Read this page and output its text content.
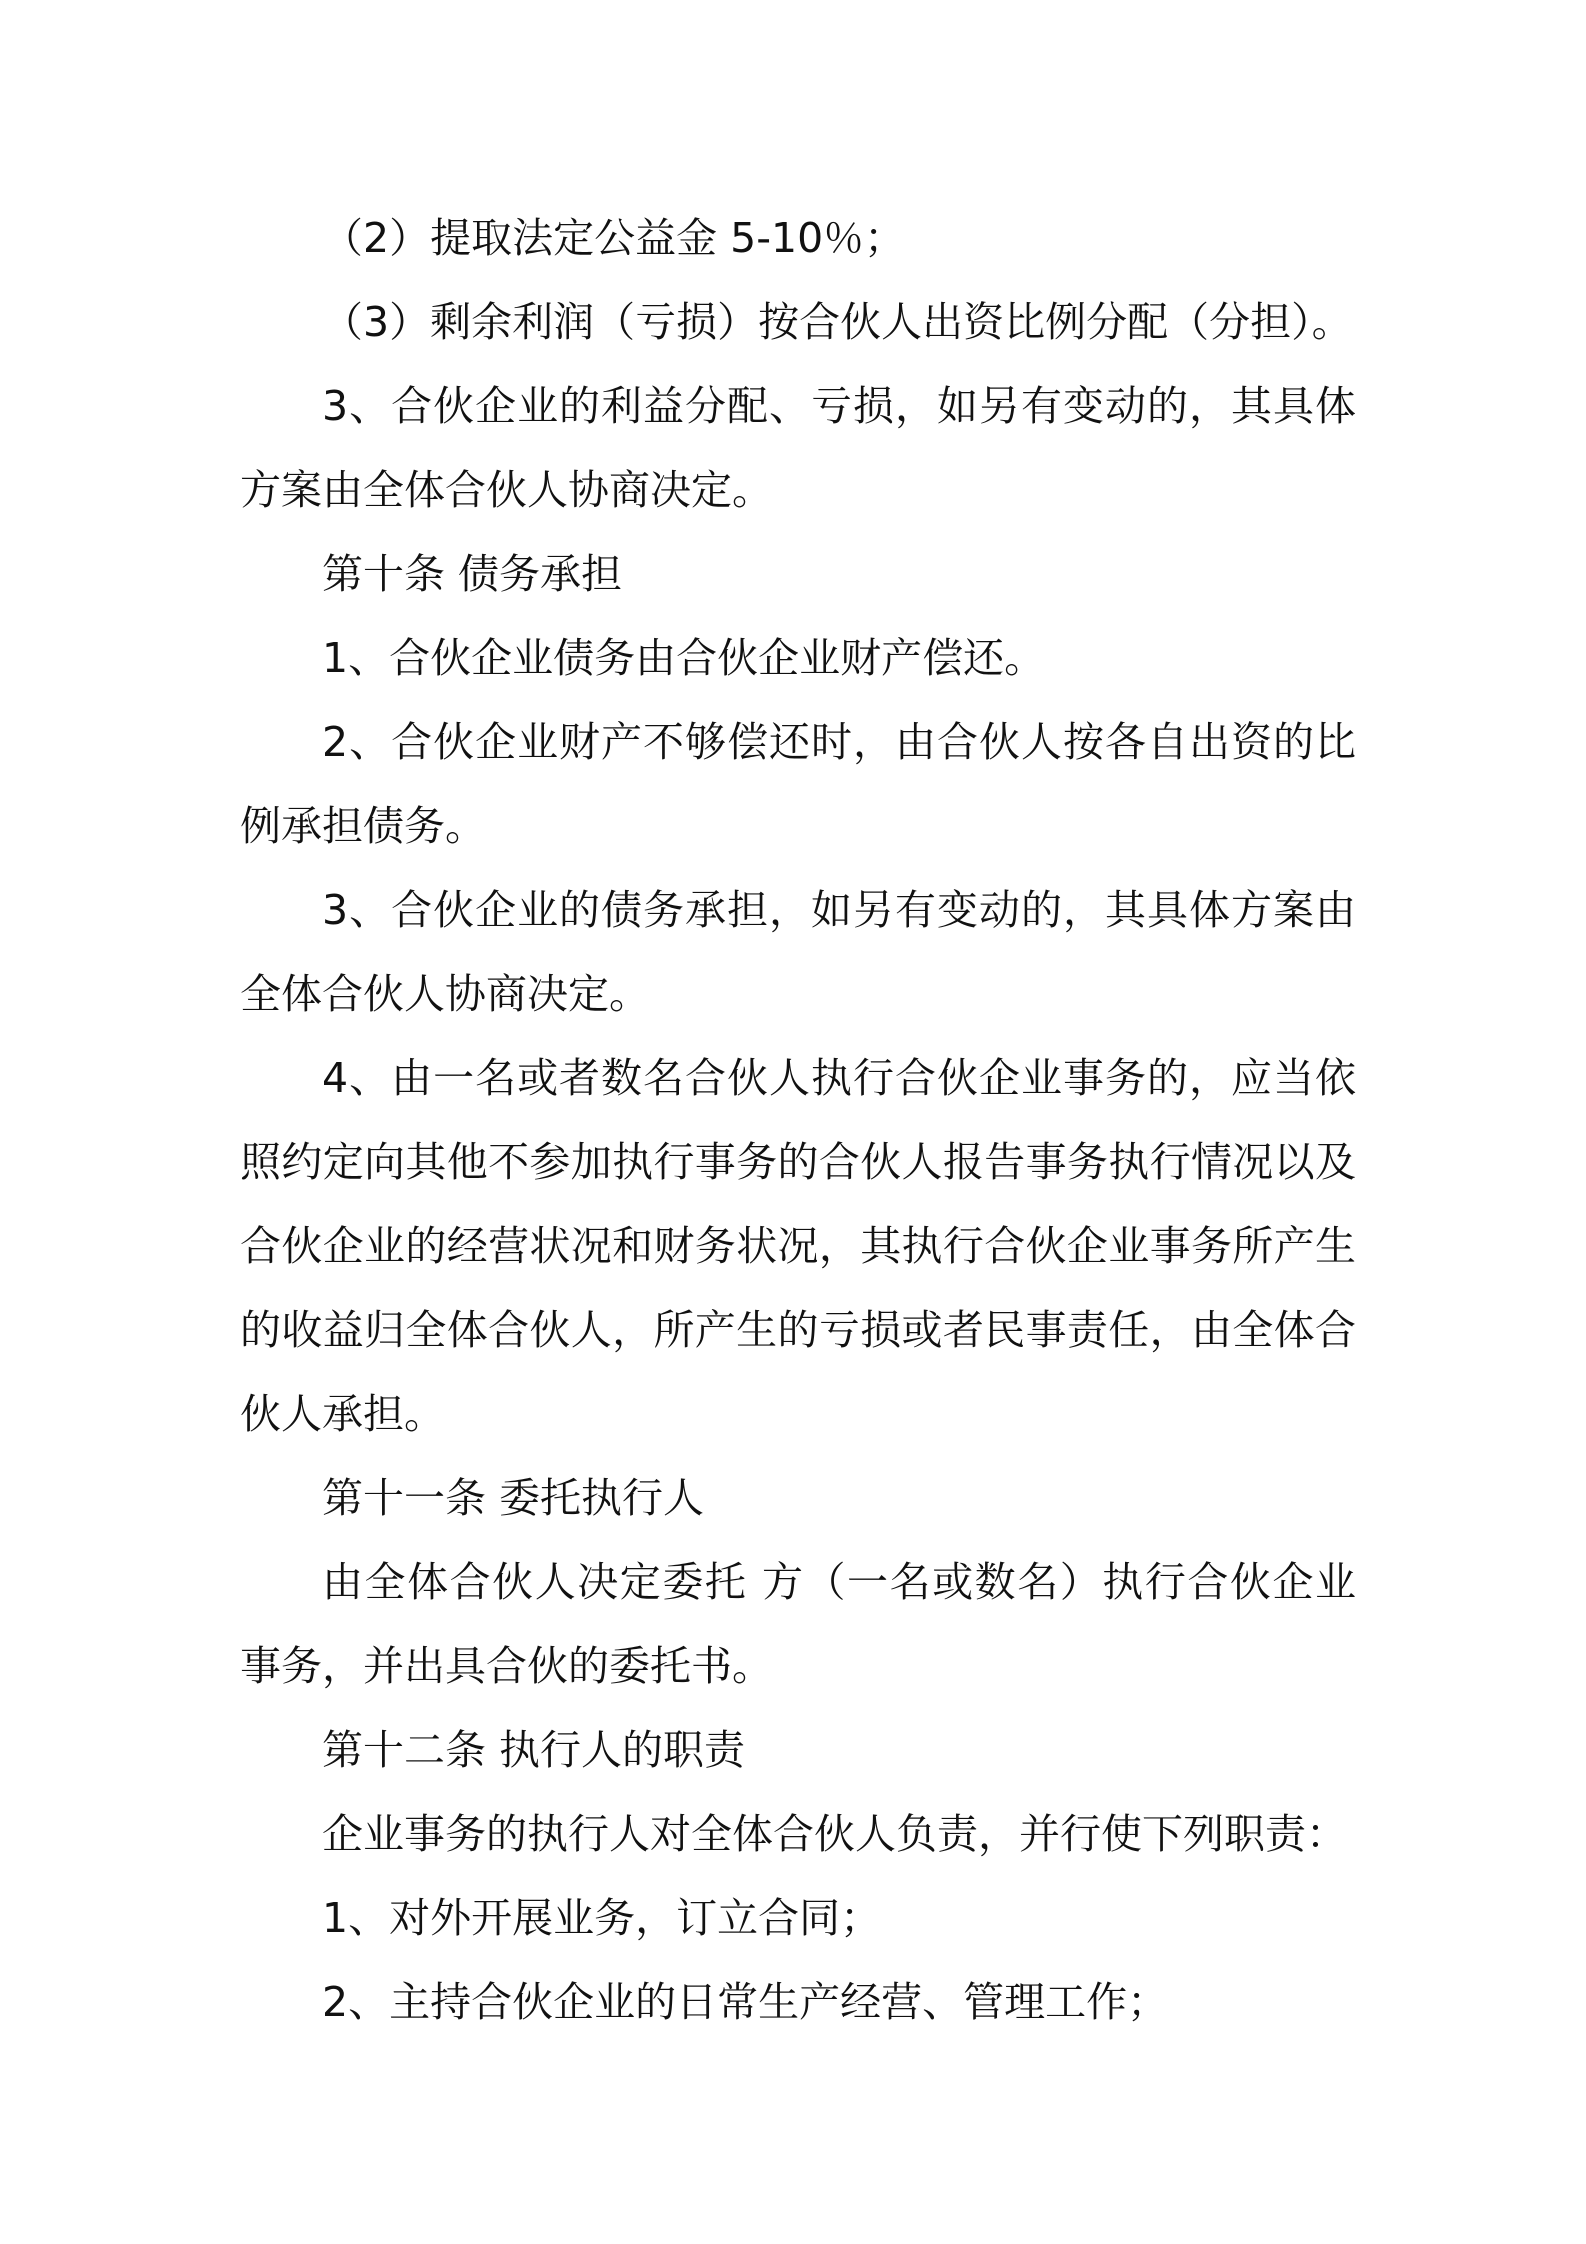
（2）提取法定公益金 5-10％；

（3）剩余利润（亏损）按合伙人出资比例分配（分担）。

3、合伙企业的利益分配、亏损，如另有变动的，其具体方案由全体合伙人协商决定。

第十条 债务承担

1、合伙企业债务由合伙企业财产偿还。

2、合伙企业财产不够偿还时，由合伙人按各自出资的比例承担债务。

3、合伙企业的债务承担，如另有变动的，其具体方案由全体合伙人协商决定。

4、由一名或者数名合伙人执行合伙企业事务的，应当依照约定向其他不参加执行事务的合伙人报告事务执行情况以及合伙企业的经营状况和财务状况，其执行合伙企业事务所产生的收益归全体合伙人，所产生的亏损或者民事责任，由全体合伙人承担。

第十一条 委托执行人

由全体合伙人决定委托 方（一名或数名）执行合伙企业事务，并出具合伙的委托书。

第十二条 执行人的职责

企业事务的执行人对全体合伙人负责，并行使下列职责：

1、对外开展业务，订立合同；

2、主持合伙企业的日常生产经营、管理工作；
